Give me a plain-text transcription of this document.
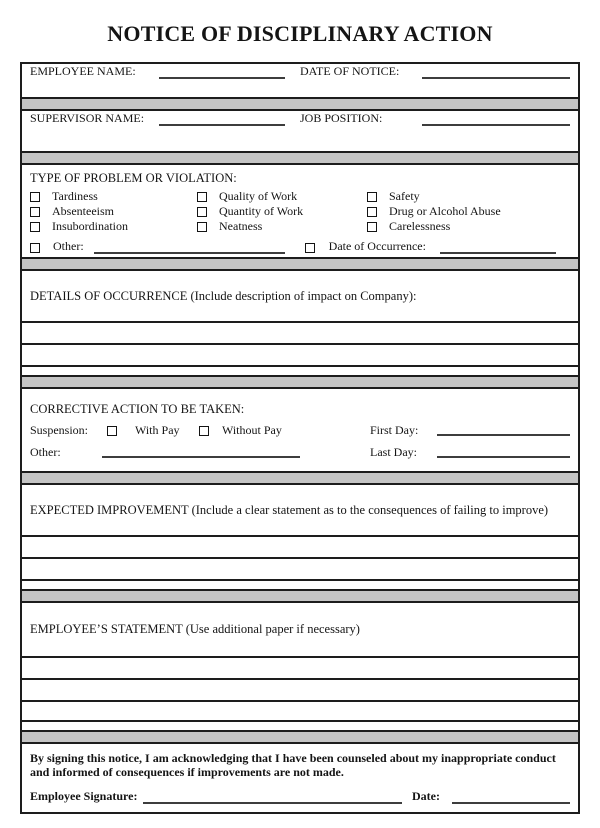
NOTICE OF DISCIPLINARY ACTION
EMPLOYEE NAME:	DATE OF NOTICE:
SUPERVISOR NAME:	JOB POSITION:
TYPE OF PROBLEM OR VIOLATION:
Tardiness	Quality of Work	Safety
Absenteeism	Quantity of Work	Drug or Alcohol Abuse
Insubordination	Neatness	Carelessness
Other:	Date of Occurrence:
DETAILS OF OCCURRENCE (Include description of impact on Company):
CORRECTIVE ACTION TO BE TAKEN:
Suspension:	With Pay	Without Pay	First Day:
Other:	Last Day:
EXPECTED IMPROVEMENT (Include a clear statement as to the consequences of failing to improve)
EMPLOYEE’S STATEMENT (Use additional paper if necessary)
By signing this notice, I am acknowledging that I have been counseled about my inappropriate conduct and informed of consequences if improvements are not made.
Employee Signature:	Date:
